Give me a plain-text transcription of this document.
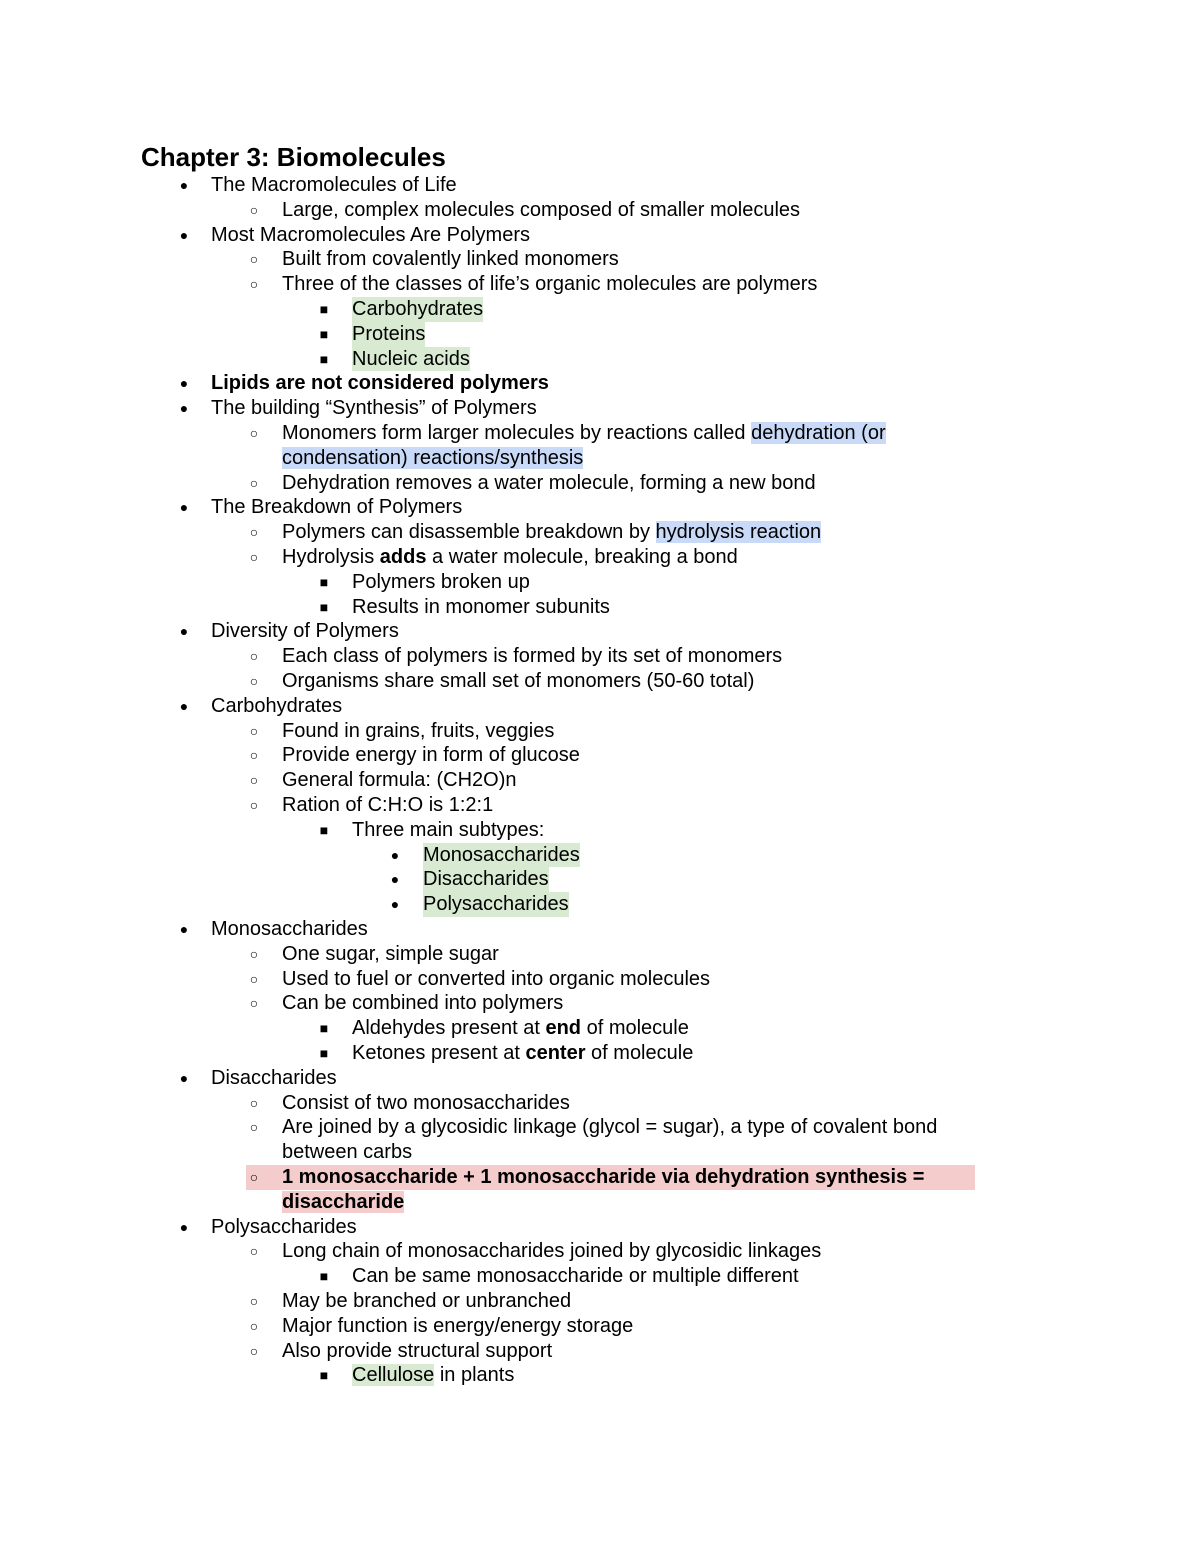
Chapter 3: Biomolecules
●	The Macromolecules of Life
○	Large, complex molecules composed of smaller molecules
●	Most Macromolecules Are Polymers
○	Built from covalently linked monomers
○	Three of the classes of life’s organic molecules are polymers
■	Carbohydrates
■	Proteins
■	Nucleic acids
●	Lipids are not considered polymers
●	The building “Synthesis” of Polymers
○	Monomers form larger molecules by reactions called dehydration (or
condensation) reactions/synthesis
○	Dehydration removes a water molecule, forming a new bond
●	The Breakdown of Polymers
○	Polymers can disassemble breakdown by hydrolysis reaction
○	Hydrolysis adds a water molecule, breaking a bond
■	Polymers broken up
■	Results in monomer subunits
●	Diversity of Polymers
○	Each class of polymers is formed by its set of monomers
○	Organisms share small set of monomers (50-60 total)
●	Carbohydrates
○	Found in grains, fruits, veggies
○	Provide energy in form of glucose
○	General formula: (CH2O)n
○	Ration of C:H:O is 1:2:1
■	Three main subtypes:
●	Monosaccharides
●	Disaccharides
●	Polysaccharides
●	Monosaccharides
○	One sugar, simple sugar
○	Used to fuel or converted into organic molecules
○	Can be combined into polymers
■	Aldehydes present at end of molecule
■	Ketones present at center of molecule
●	Disaccharides
○	Consist of two monosaccharides
○	Are joined by a glycosidic linkage (glycol = sugar), a type of covalent bond
between carbs
○	1 monosaccharide + 1 monosaccharide via dehydration synthesis =
disaccharide
●	Polysaccharides
○	Long chain of monosaccharides joined by glycosidic linkages
■	Can be same monosaccharide or multiple different
○	May be branched or unbranched
○	Major function is energy/energy storage
○	Also provide structural support
■	Cellulose in plants
